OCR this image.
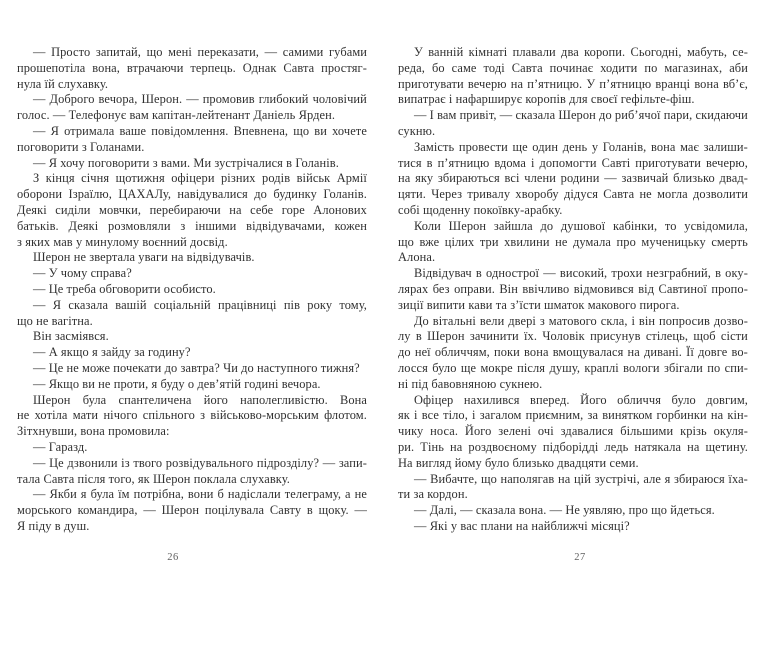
— Просто запитай, що мені переказати, — самими губами
прошепотіла вона, втрачаючи терпець. Однак Савта простяг-
нула їй слухавку.
— Доброго вечора, Шерон. — промовив глибокий чоловічий
голос. — Телефонує вам капітан-лейтенант Даніель Ярден.
— Я отримала ваше повідомлення. Впевнена, що ви хочете
поговорити з Голанами.
— Я хочу поговорити з вами. Ми зустрічалися в Голанів.
З кінця січня щотижня офіцери різних родів військ Армії
оборони Ізраїлю, ЦАХАЛу, навідувалися до будинку Голанів.
Деякі сиділи мовчки, перебираючи на себе горе Алонових
батьків. Деякі розмовляли з іншими відвідувачами, кожен
з яких мав у минулому воєнний досвід.
Шерон не звертала уваги на відвідувачів.
— У чому справа?
— Це треба обговорити особисто.
— Я сказала вашій соціальній працівниці пів року тому,
що не вагітна.
Він засміявся.
— А якщо я зайду за годину?
— Це не може почекати до завтра? Чи до наступного тижня?
— Якщо ви не проти, я буду о дев’ятій годині вечора.
Шерон була спантеличена його наполегливістю. Вона
не хотіла мати нічого спільного з військово-морським флотом.
Зітхнувши, вона промовила:
— Гаразд.
— Це дзвонили із твого розвідувального підрозділу? — запи-
тала Савта після того, як Шерон поклала слухавку.
— Якби я була їм потрібна, вони б надіслали телеграму, а не
морського командира, — Шерон поцілувала Савту в щоку. —
Я піду в душ.
У ванній кімнаті плавали два коропи. Сьогодні, мабуть, се-
реда, бо саме тоді Савта починає ходити по магазинах, аби
приготувати вечерю на п’ятницю. У п’ятницю вранці вона вб’є,
випатрає і нафарширує коропів для своєї гефільте-фіш.
— І вам привіт, — сказала Шерон до риб’ячої пари, скидаючи
сукню.
Замість провести ще один день у Голанів, вона має залиши-
тися в п’ятницю вдома і допомогти Савті приготувати вечерю,
на яку збираються всі члени родини — зазвичай близько двад-
цяти. Через тривалу хворобу дідуся Савта не могла дозволити
собі щоденну покоївку-арабку.
Коли Шерон зайшла до душової кабінки, то усвідомила,
що вже цілих три хвилини не думала про мученицьку смерть
Алона.
Відвідувач в однострої — високий, трохи незграбний, в оку-
лярах без оправи. Він ввічливо відмовився від Савтиної пропо-
зиції випити кави та з’їсти шматок макового пирога.
До вітальні вели двері з матового скла, і він попросив дозво-
лу в Шерон зачинити їх. Чоловік присунув стілець, щоб сісти
до неї обличчям, поки вона вмощувалася на дивані. Її довге во-
лосся було ще мокре після душу, краплі вологи збігали по спи-
ні під бавовняною сукнею.
Офіцер нахилився вперед. Його обличчя було довгим,
як і все тіло, і загалом приємним, за винятком горбинки на кін-
чику носа. Його зелені очі здавалися більшими крізь окуля-
ри. Тінь на роздвоєному підборідді ледь натякала на щетину.
На вигляд йому було близько двадцяти семи.
— Вибачте, що наполягав на цій зустрічі, але я збираюся їха-
ти за кордон.
— Далі, — сказала вона. — Не уявляю, про що йдеться.
— Які у вас плани на найближчі місяці?
26	27
